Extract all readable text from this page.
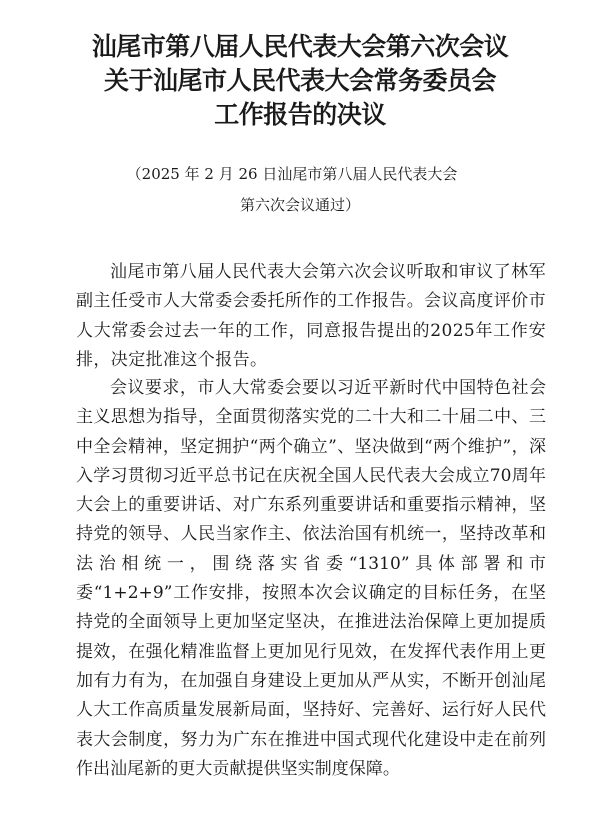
汕尾市第八届人民代表大会第六次会议
关于汕尾市人民代表大会常务委员会
工作报告的决议
（2025 年 2 月 26 日汕尾市第八届人民代表大会
第六次会议通过）

汕尾市第八届人民代表大会第六次会议听取和审议了林军副主任受市人大常委会委托所作的工作报告。会议高度评价市人大常委会过去一年的工作，同意报告提出的2025年工作安排，决定批准这个报告。

会议要求，市人大常委会要以习近平新时代中国特色社会主义思想为指导，全面贯彻落实党的二十大和二十届二中、三中全会精神，坚定拥护“两个确立”、坚决做到“两个维护”，深入学习贯彻习近平总书记在庆祝全国人民代表大会成立70周年大会上的重要讲话、对广东系列重要讲话和重要指示精神，坚持党的领导、人民当家作主、依法治国有机统一，坚持改革和法治相统一，围绕落实省委“1310”具体部署和市委“1+2+9”工作安排，按照本次会议确定的目标任务，在坚持党的全面领导上更加坚定坚决，在推进法治保障上更加提质提效，在强化精准监督上更加见行见效，在发挥代表作用上更加有力有为，在加强自身建设上更加从严从实，不断开创汕尾人大工作高质量发展新局面，坚持好、完善好、运行好人民代表大会制度，努力为广东在推进中国式现代化建设中走在前列作出汕尾新的更大贡献提供坚实制度保障。
